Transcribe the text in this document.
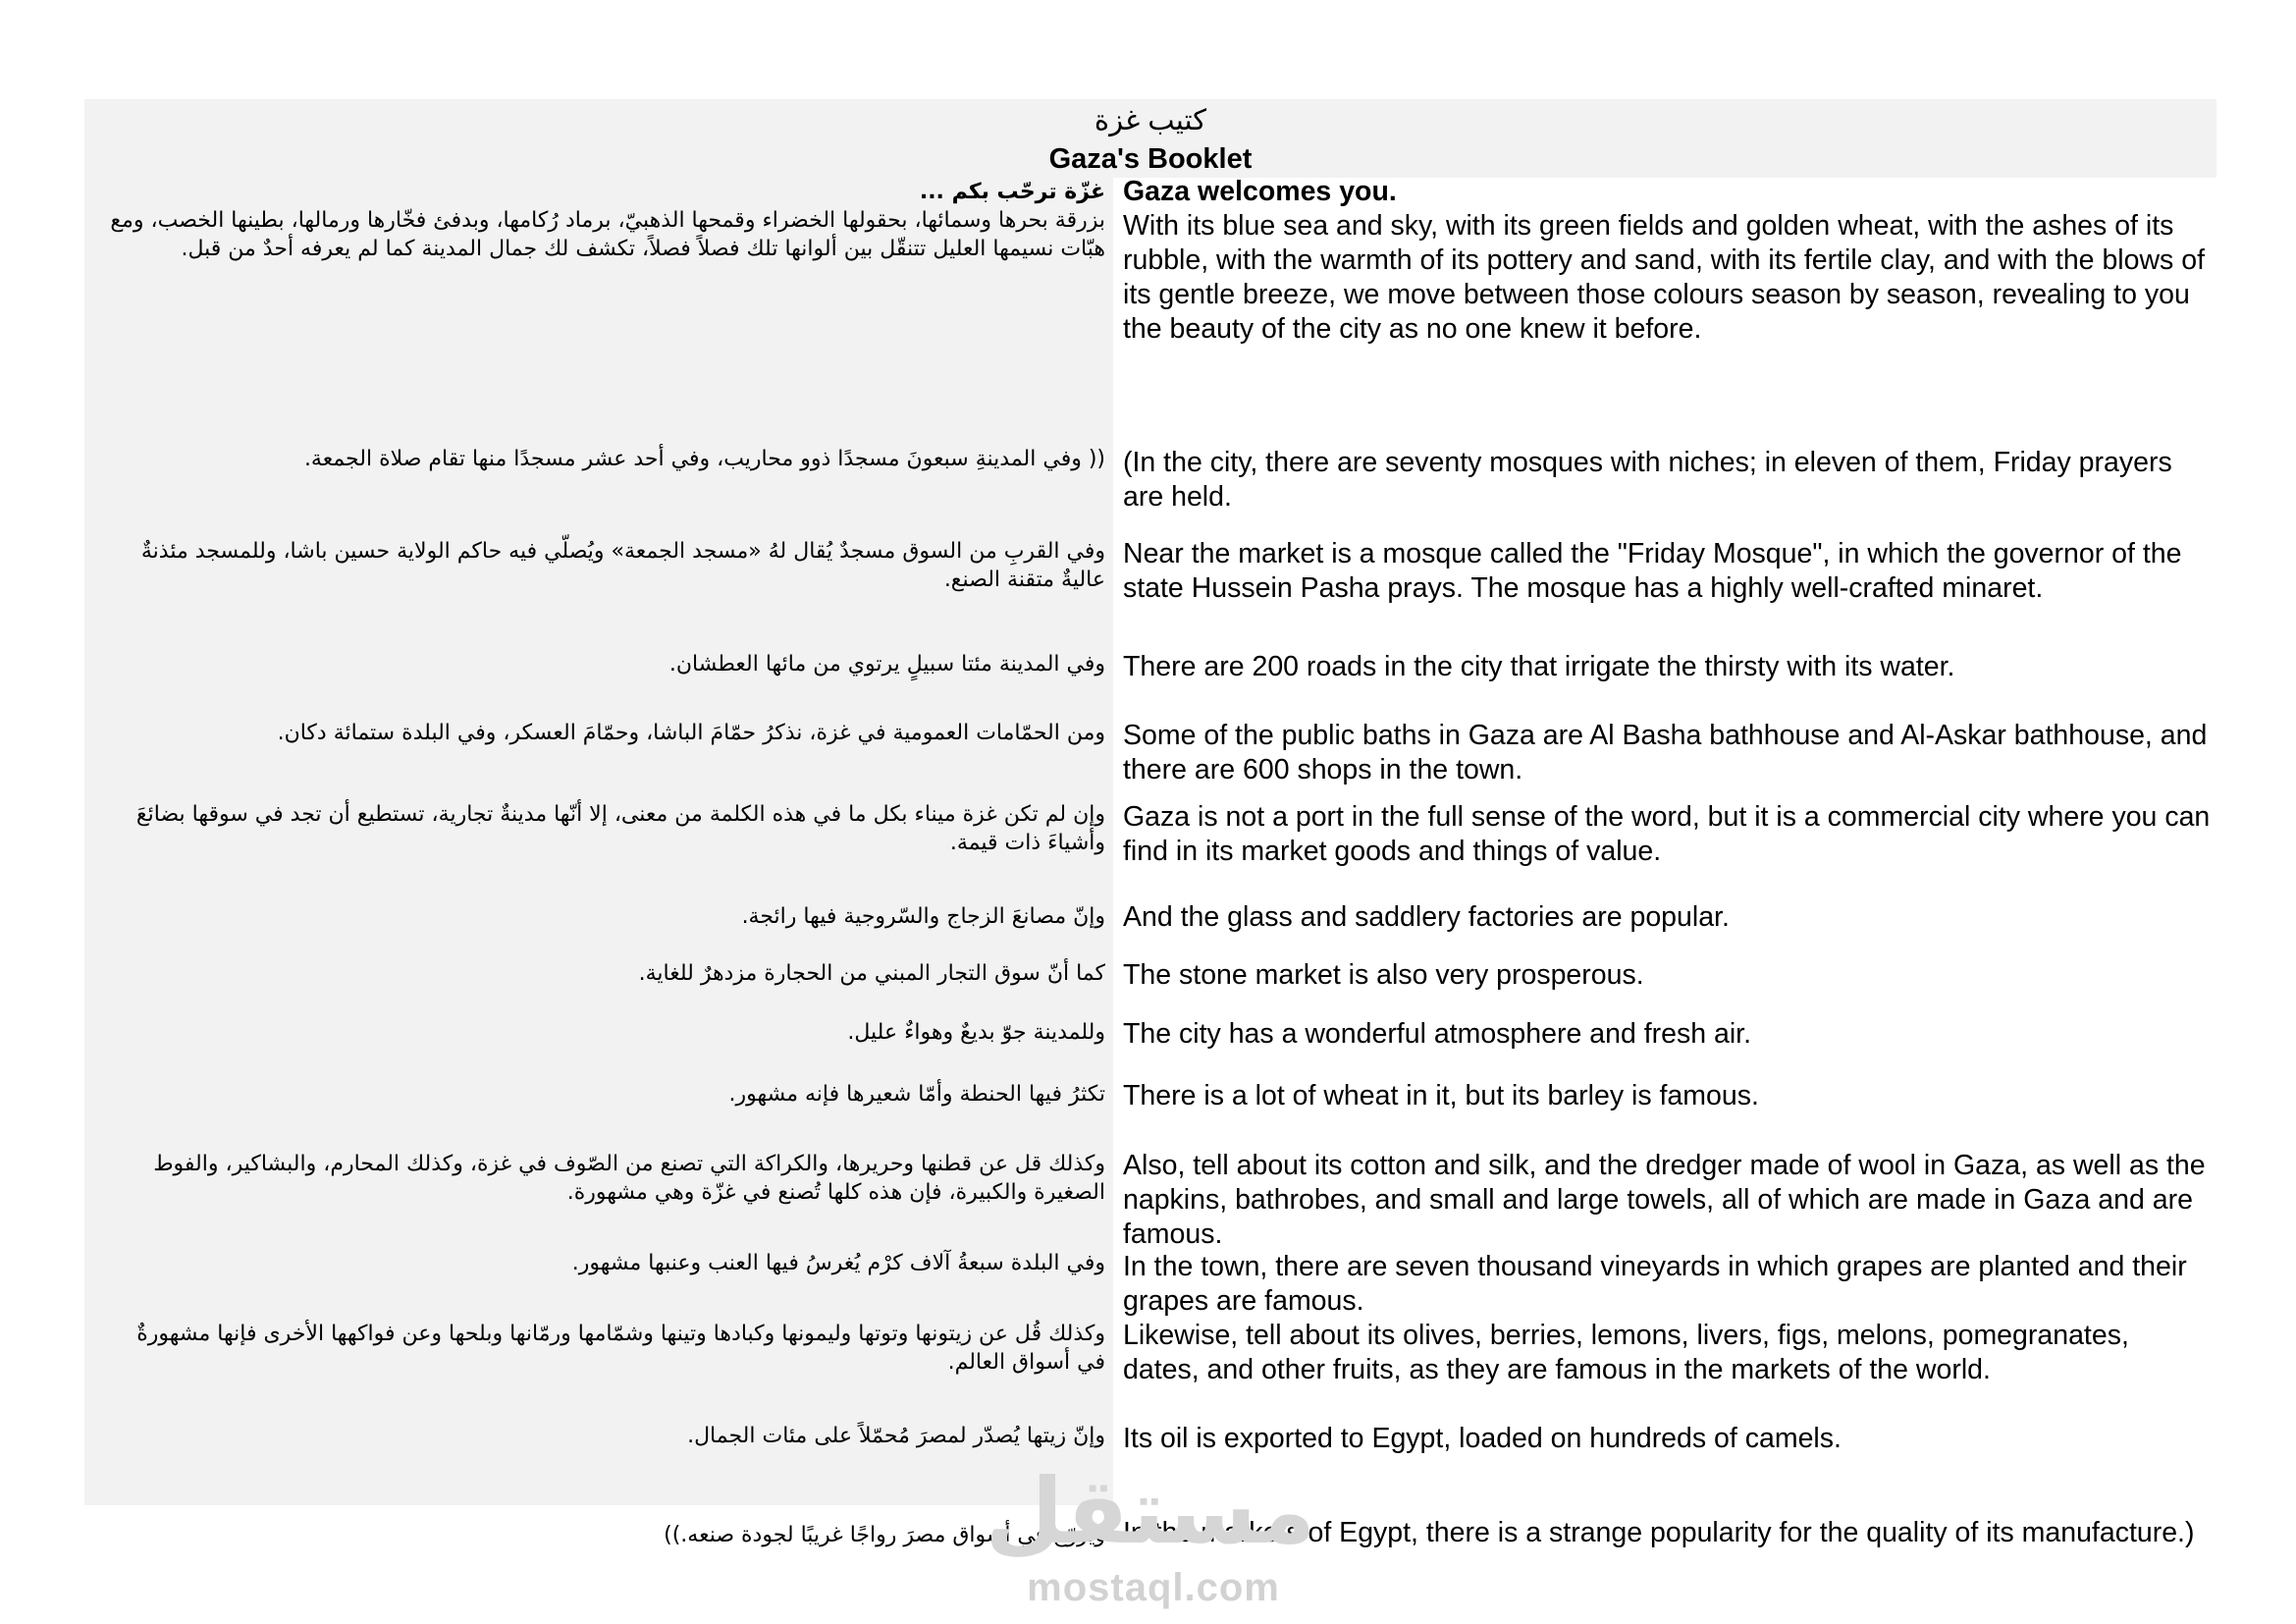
كتيب غزة
Gaza's Booklet
غزّة ترحّب بكم ...
بزرقة بحرها وسمائها، بحقولها الخضراء وقمحها الذهبيّ، برماد رُكامها، وبدفئ فخّارها ورمالها، بطينها الخصب، ومع هبّات نسيمها العليل تتنقّل بين ألوانها تلك فصلاً فصلاً، تكشف لك جمال المدينة كما لم يعرفه أحدٌ من قبل.
Gaza welcomes you.
With its blue sea and sky, with its green fields and golden wheat, with the ashes of its rubble, with the warmth of its pottery and sand, with its fertile clay, and with the blows of its gentle breeze, we move between those colours season by season, revealing to you the beauty of the city as no one knew it before.
(( وفي المدينةِ سبعونَ مسجدًا ذوو محاريب، وفي أحد عشر مسجدًا منها تقام صلاة الجمعة. (In the city, there are seventy mosques with niches; in eleven of them, Friday prayers are held.
وفي القربِ من السوق مسجدٌ يُقال لهُ «مسجد الجمعة» ويُصلّي فيه حاكم الولاية حسين باشا، وللمسجد مئذنةٌ عاليةٌ متقنة الصنع.
Near the market is a mosque called the "Friday Mosque", in which the governor of the state Hussein Pasha prays. The mosque has a highly well-crafted minaret.
وفي المدينة مئتا سبيلٍ يرتوي من مائها العطشان. There are 200 roads in the city that irrigate the thirsty with its water.
ومن الحمّامات العمومية في غزة، نذكرُ حمّامَ الباشا، وحمّامَ العسكر، وفي البلدة ستمائة دكان. Some of the public baths in Gaza are Al Basha bathhouse and Al-Askar bathhouse, and there are 600 shops in the town.
وإن لم تكن غزة ميناء بكل ما في هذه الكلمة من معنى، إلا أنّها مدينةٌ تجارية، تستطيع أن تجد في سوقها بضائعَ وأشياءَ ذات قيمة.
Gaza is not a port in the full sense of the word, but it is a commercial city where you can find in its market goods and things of value.
وإنّ مصانعَ الزجاج والسّروجية فيها رائجة. And the glass and saddlery factories are popular.
كما أنّ سوق التجار المبني من الحجارة مزدهرٌ للغاية. The stone market is also very prosperous.
وللمدينة جوّ بديعٌ وهواءٌ عليل. The city has a wonderful atmosphere and fresh air.
تكثرُ فيها الحنطة وأمّا شعيرها فإنه مشهور. There is a lot of wheat in it, but its barley is famous.
وكذلك قل عن قطنها وحريرها، والكراكة التي تصنع من الصّوف في غزة، وكذلك المحارم، والبشاكير، والفوط الصغيرة والكبيرة، فإن هذه كلها تُصنع في غزّة وهي مشهورة.
Also, tell about its cotton and silk, and the dredger made of wool in Gaza, as well as the napkins, bathrobes, and small and large towels, all of which are made in Gaza and are famous.
وفي البلدة سبعةُ آلاف كرْم يُغرسُ فيها العنب وعنبها مشهور. In the town, there are seven thousand vineyards in which grapes are planted and their grapes are famous.
وكذلك قُل عن زيتونها وتوتها وليمونها وكبادها وتينها وشمّامها ورمّانها وبلحها وعن فواكهها الأخرى فإنها مشهورةٌ في أسواق العالم.
Likewise, tell about its olives, berries, lemons, livers, figs, melons, pomegranates, dates, and other fruits, as they are famous in the markets of the world.
وإنّ زيتها يُصدّر لمصرَ مُحمّلاً على مئات الجمال. Its oil is exported to Egypt, loaded on hundreds of camels.
ويُروّج في أسواق مصرَ رواجًا غريبًا لجودة صنعه.)) In the markets of Egypt, there is a strange popularity for the quality of its manufacture.)
مستقل
mostaql.com
